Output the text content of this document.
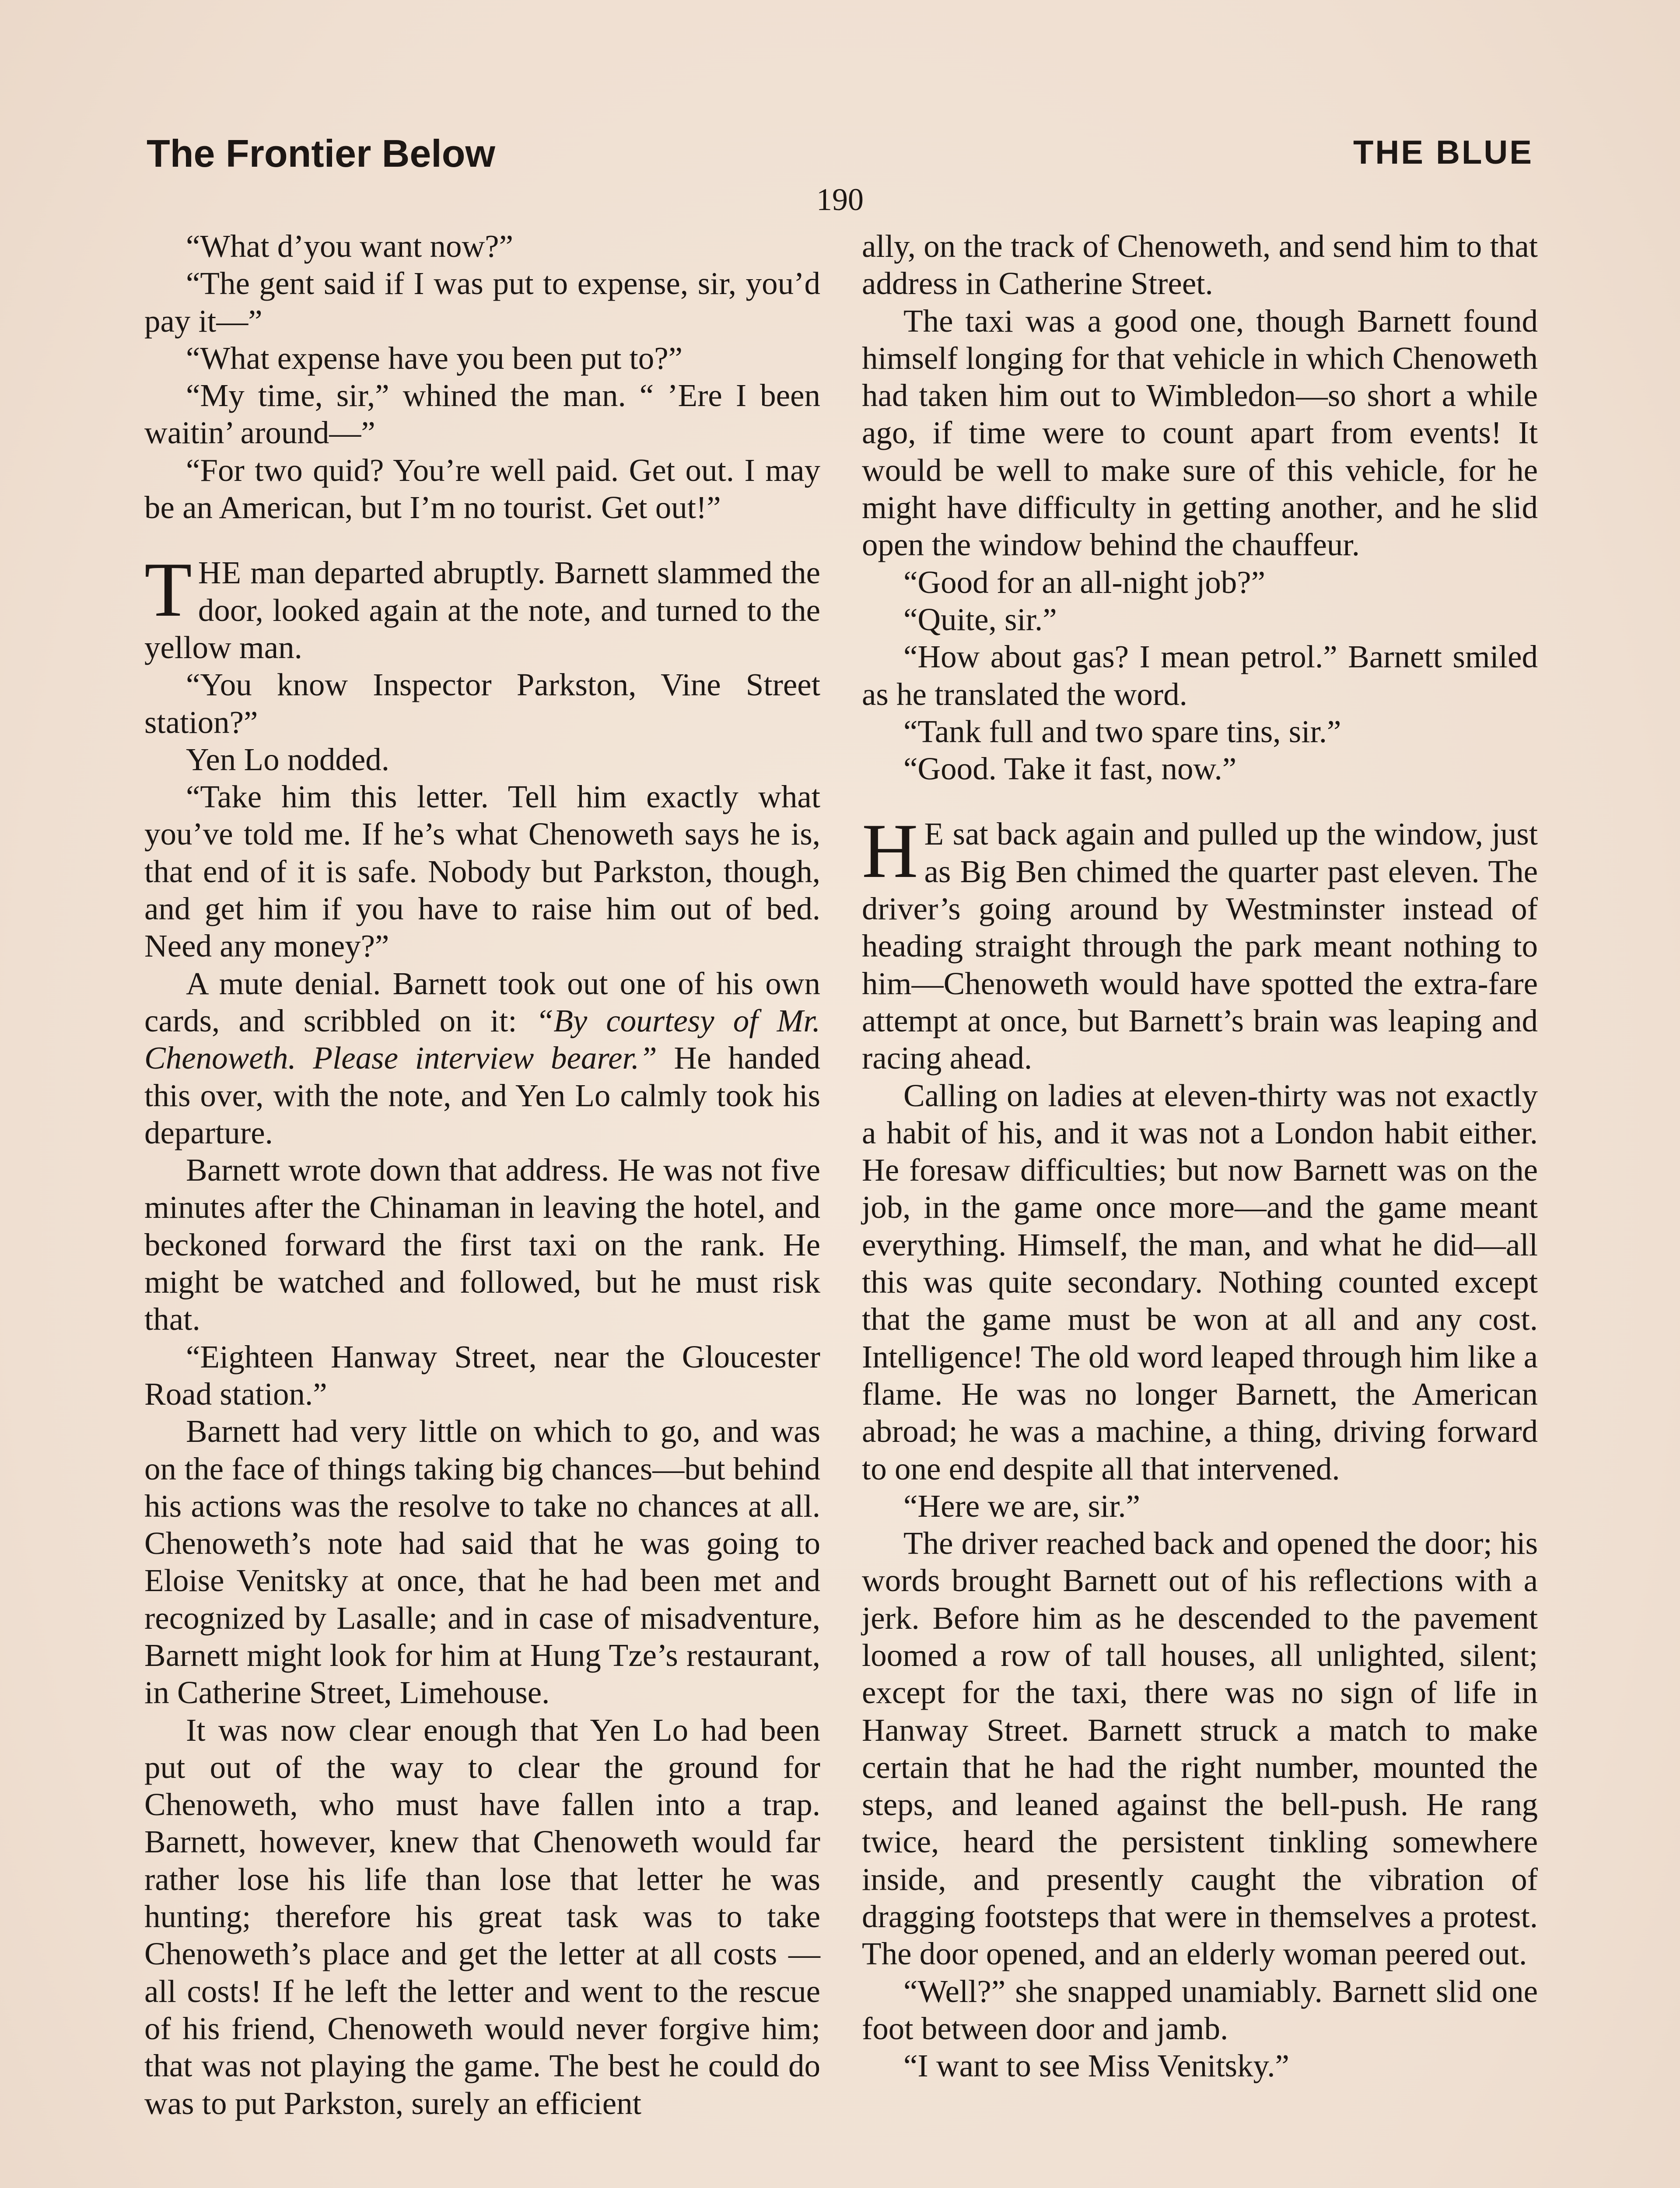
The Frontier Below	THE BLUE
190

“What d’you want now?”

“The gent said if I was put to expense, sir, you’d pay it—”

“What expense have you been put to?”

“My time, sir,” whined the man. “ ’Ere I been waitin’ around—”

“For two quid? You’re well paid. Get out. I may be an American, but I’m no tourist. Get out!”

THE man departed abruptly. Barnett slammed the door, looked again at the note, and turned to the yellow man.

“You know Inspector Parkston, Vine Street station?”

Yen Lo nodded.

“Take him this letter. Tell him exactly what you’ve told me. If he’s what Chenoweth says he is, that end of it is safe. Nobody but Parkston, though, and get him if you have to raise him out of bed. Need any money?”

A mute denial. Barnett took out one of his own cards, and scribbled on it: “By courtesy of Mr. Chenoweth. Please interview bearer.” He handed this over, with the note, and Yen Lo calmly took his departure.

Barnett wrote down that address. He was not five minutes after the Chinaman in leaving the hotel, and beckoned forward the first taxi on the rank. He might be watched and followed, but he must risk that.

“Eighteen Hanway Street, near the Gloucester Road station.”

Barnett had very little on which to go, and was on the face of things taking big chances—but behind his actions was the resolve to take no chances at all. Chenoweth’s note had said that he was going to Eloise Venitsky at once, that he had been met and recognized by Lasalle; and in case of misadventure, Barnett might look for him at Hung Tze’s restaurant, in Catherine Street, Limehouse.

It was now clear enough that Yen Lo had been put out of the way to clear the ground for Chenoweth, who must have fallen into a trap. Barnett, however, knew that Chenoweth would far rather lose his life than lose that letter he was hunting; therefore his great task was to take Chenoweth’s place and get the letter at all costs —all costs! If he left the letter and went to the rescue of his friend, Chenoweth would never forgive him; that was not playing the game. The best he could do was to put Parkston, surely an efficient

ally, on the track of Chenoweth, and send him to that address in Catherine Street.

The taxi was a good one, though Barnett found himself longing for that vehicle in which Chenoweth had taken him out to Wimbledon—so short a while ago, if time were to count apart from events! It would be well to make sure of this vehicle, for he might have difficulty in getting another, and he slid open the window behind the chauffeur.

“Good for an all-night job?”

“Quite, sir.”

“How about gas? I mean petrol.” Barnett smiled as he translated the word.

“Tank full and two spare tins, sir.”

“Good. Take it fast, now.”

H E sat back again and pulled up the window, just as Big Ben chimed the quarter past eleven. The driver’s going around by Westminster instead of heading straight through the park meant nothing to him—Chenoweth would have spotted the extra-fare attempt at once, but Barnett’s brain was leaping and racing ahead.

Calling on ladies at eleven-thirty was not exactly a habit of his, and it was not a London habit either. He foresaw difficulties; but now Barnett was on the job, in the game once more—and the game meant everything. Himself, the man, and what he did—all this was quite secondary. Nothing counted except that the game must be won at all and any cost. Intelligence! The old word leaped through him like a flame. He was no longer Barnett, the American abroad; he was a machine, a thing, driving forward to one end despite all that intervened.

“Here we are, sir.”

The driver reached back and opened the door; his words brought Barnett out of his reflections with a jerk. Before him as he descended to the pavement loomed a row of tall houses, all unlighted, silent; except for the taxi, there was no sign of life in Hanway Street. Barnett struck a match to make certain that he had the right number, mounted the steps, and leaned against the bell-push. He rang twice, heard the persistent tinkling somewhere inside, and presently caught the vibration of dragging footsteps that were in themselves a protest. The door opened, and an elderly woman peered out.

“Well?” she snapped unamiably. Barnett slid one foot between door and jamb.

“I want to see Miss Venitsky.”
